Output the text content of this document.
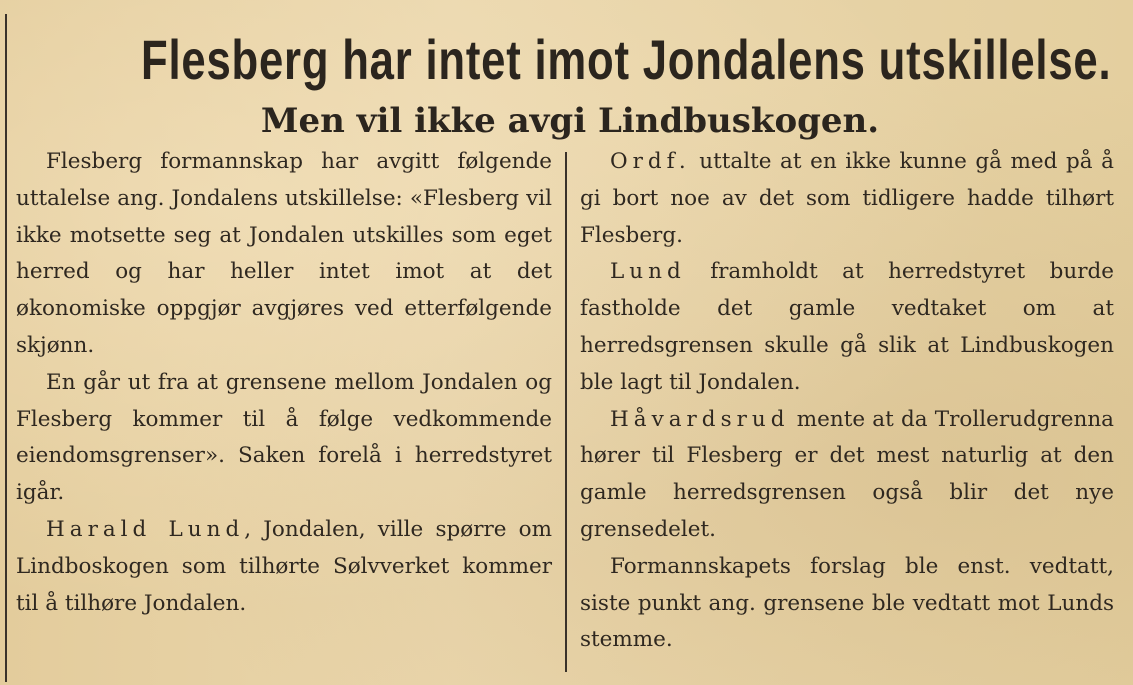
Flesberg har intet imot Jondalens utskillelse.
Men vil ikke avgi Lindbuskogen.

Flesberg formannskap har avgitt følgende uttalelse ang. Jondalens utskillelse: «Flesberg vil ikke motsette seg at Jondalen utskilles som eget herred og har heller intet imot at det økonomiske oppgjør avgjøres ved etterfølgende skjønn.

En går ut fra at grensene mellom Jondalen og Flesberg kommer til å følge vedkommende eiendomsgrenser». Saken forelå i herredstyret igår.

Harald Lund, Jondalen, ville spørre om Lindboskogen som tilhørte Sølvverket kommer til å tilhøre Jondalen.

Ordf. uttalte at en ikke kunne gå med på å gi bort noe av det som tidligere hadde tilhørt Flesberg.

Lund framholdt at herredstyret burde fastholde det gamle vedtaket om at herredsgrensen skulle gå slik at Lindbuskogen ble lagt til Jondalen.

Håvardsrud mente at da Trollerudgrenna hører til Flesberg er det mest naturlig at den gamle herredsgrensen også blir det nye grensedelet.

Formannskapets forslag ble enst. vedtatt, siste punkt ang. grensene ble vedtatt mot Lunds stemme.
